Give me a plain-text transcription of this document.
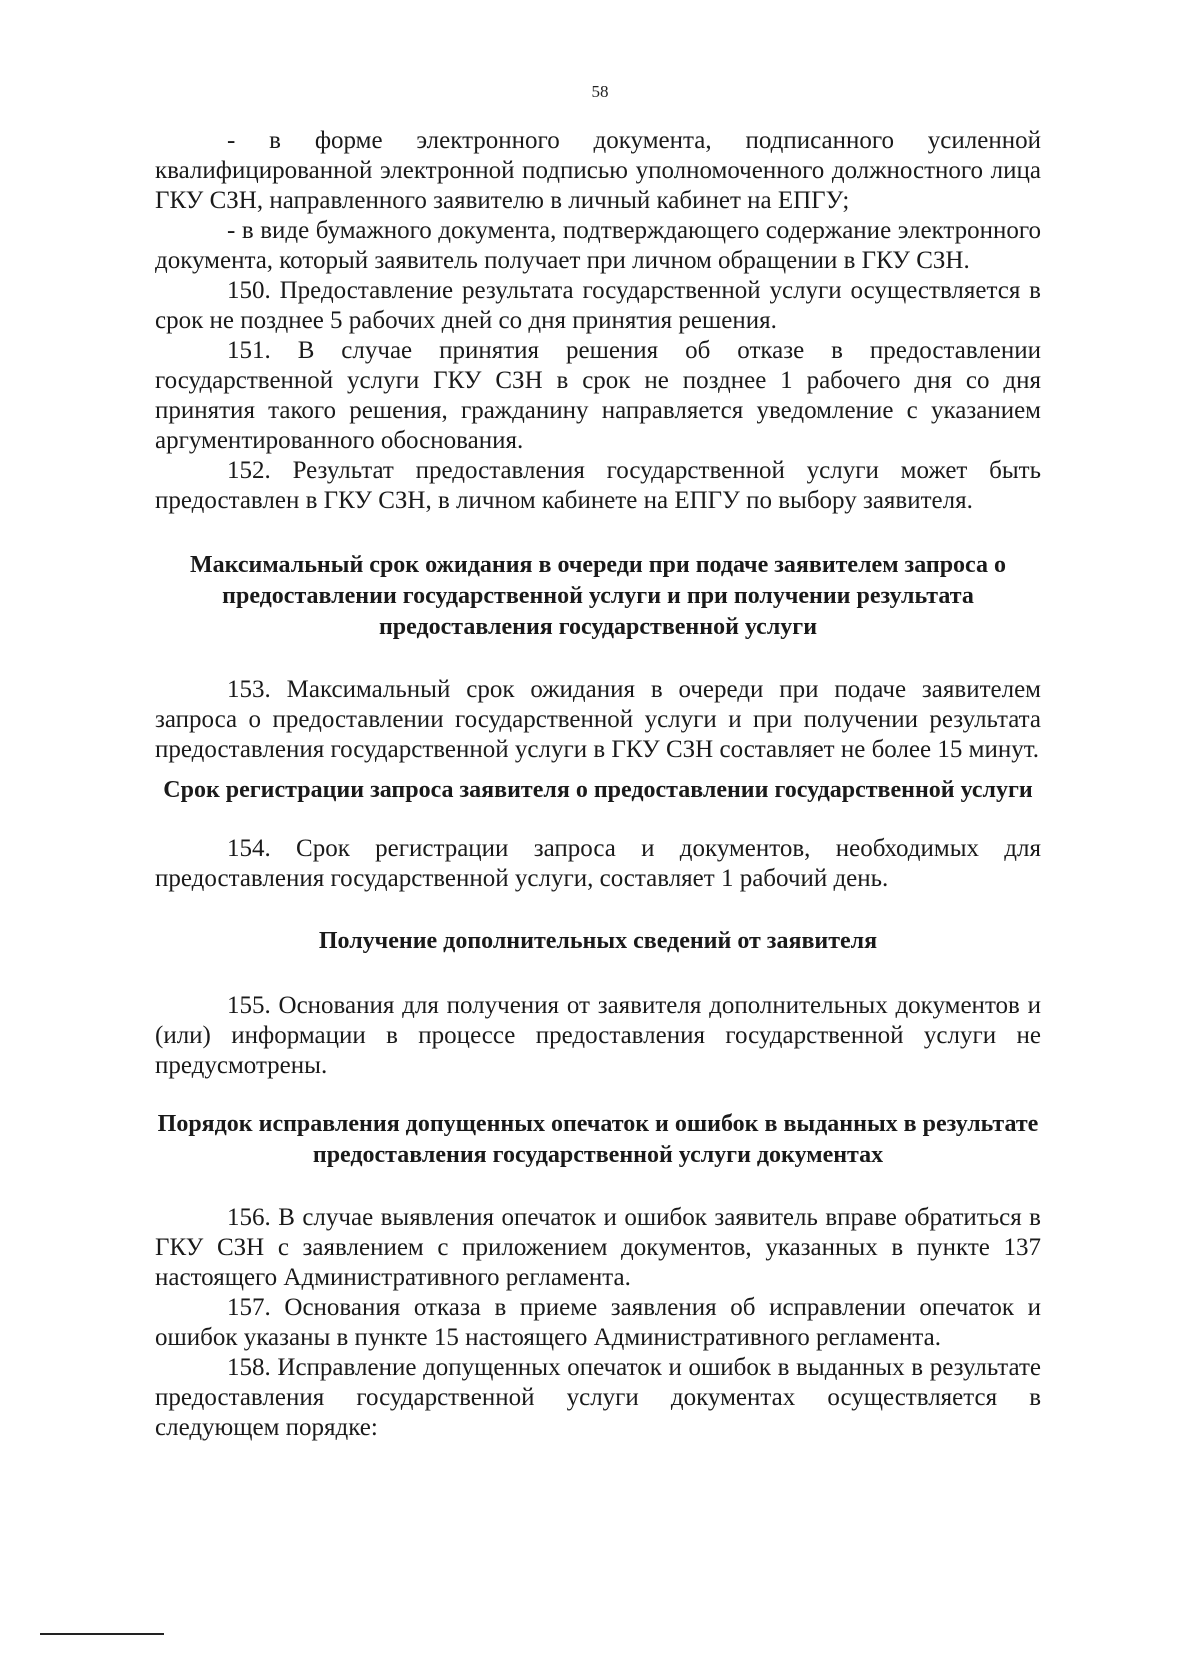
58

- в форме электронного документа, подписанного усиленной квалифицированной электронной подписью уполномоченного должностного лица ГКУ СЗН, направленного заявителю в личный кабинет на ЕПГУ;

- в виде бумажного документа, подтверждающего содержание электронного документа, который заявитель получает при личном обращении в ГКУ СЗН.

150. Предоставление результата государственной услуги осуществляется в срок не позднее 5 рабочих дней со дня принятия решения.

151. В случае принятия решения об отказе в предоставлении государственной услуги ГКУ СЗН в срок не позднее 1 рабочего дня со дня принятия такого решения, гражданину направляется уведомление с указанием аргументированного обоснования.

152. Результат предоставления государственной услуги может быть предоставлен в ГКУ СЗН, в личном кабинете на ЕПГУ по выбору заявителя.

Максимальный срок ожидания в очереди при подаче заявителем запроса о предоставлении государственной услуги и при получении результата предоставления государственной услуги

153. Максимальный срок ожидания в очереди при подаче заявителем запроса о предоставлении государственной услуги и при получении результата предоставления государственной услуги в ГКУ СЗН составляет не более 15 минут.

Срок регистрации запроса заявителя о предоставлении государственной услуги

154. Срок регистрации запроса и документов, необходимых для предоставления государственной услуги, составляет 1 рабочий день.

Получение дополнительных сведений от заявителя

155. Основания для получения от заявителя дополнительных документов и (или) информации в процессе предоставления государственной услуги не предусмотрены.

Порядок исправления допущенных опечаток и ошибок в выданных в результате предоставления государственной услуги документах

156. В случае выявления опечаток и ошибок заявитель вправе обратиться в ГКУ СЗН с заявлением с приложением документов, указанных в пункте 137 настоящего Административного регламента.

157. Основания отказа в приеме заявления об исправлении опечаток и ошибок указаны в пункте 15 настоящего Административного регламента.

158. Исправление допущенных опечаток и ошибок в выданных в результате предоставления государственной услуги документах осуществляется в следующем порядке:
